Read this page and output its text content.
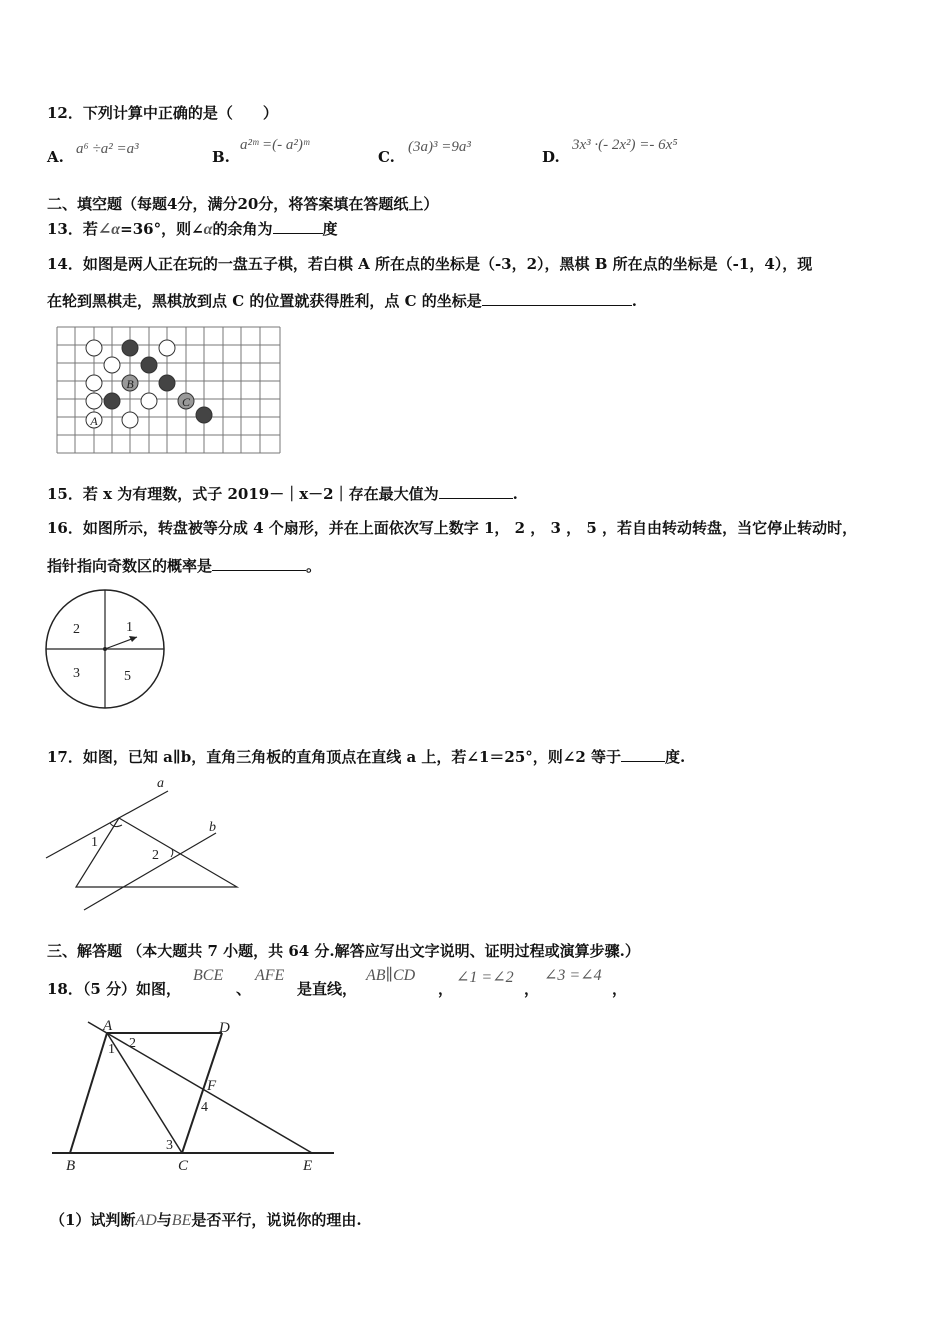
12．下列计算中正确的是（　　）
A. a⁶ ÷a² =a³	B.
a²ᵐ =(- a²)ᵐ
C.
(3a)³ =9a³
D.
3x³ ·(- 2x²) =- 6x⁵
二、填空题（每题4分，满分20分，将答案填在答题纸上）
13．若∠α=36°，则∠α的余角为	度
14．如图是两人正在玩的一盘五子棋，若白棋 A 所在点的坐标是（-3，2），黑棋 B 所在点的坐标是（-1，4），现
在轮到黑棋走，黑棋放到点 C 的位置就获得胜利，点 C 的坐标是	.
B
C
A
15．若 x 为有理数，式子 2019－｜x－2｜存在最大值为	.
16．如图所示，转盘被等分成 4 个扇形，并在上面依次写上数字 1， 2 ， 3 ， 5 ，若自由转动转盘，当它停止转动时，
指针指向奇数区的概率是	。
2	1
3	5
17．如图，已知 a∥b，直角三角板的直角顶点在直线 a 上，若∠1＝25°，则∠2 等于	度.
a
b
1
2
三、解答题 （本大题共 7 小题，共 64 分.解答应写出文字说明、证明过程或演算步骤.）
18．（5 分）如图，
BCE
、
AFE
是直线，
AB∥CD
，
∠1 =∠2
，
∠3 =∠4
，
A	D
F
B	C	E
1 2
4
3
（1）试判断AD与BE是否平行，说说你的理由.
